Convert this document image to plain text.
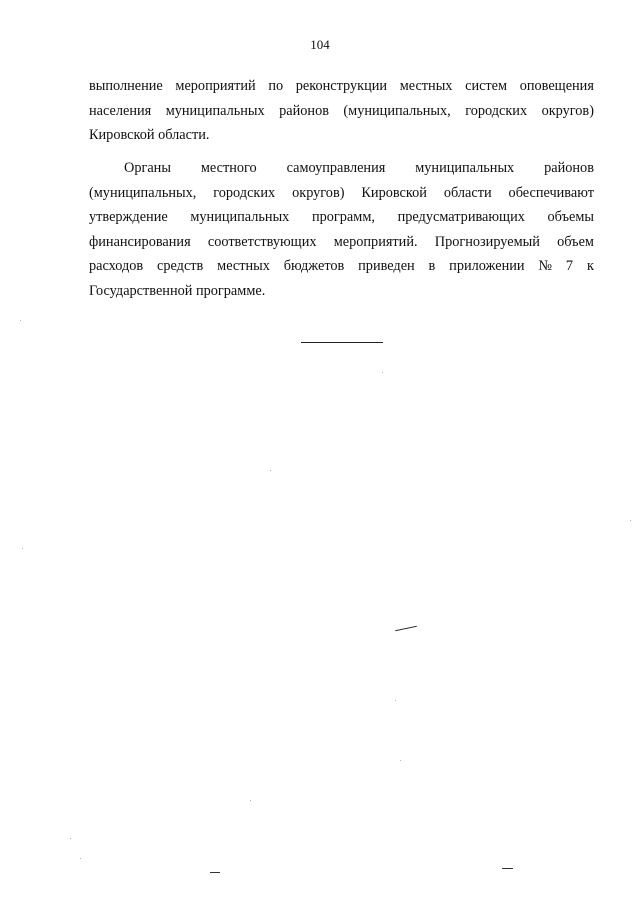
104

выполнение мероприятий по реконструкции местных систем оповещения

населения муниципальных районов (муниципальных, городских округов)

Кировской области.

Органы местного самоуправления муниципальных районов

(муниципальных, городских округов) Кировской области обеспечивают

утверждение муниципальных программ, предусматривающих объемы

финансирования соответствующих мероприятий. Прогнозируемый объем

расходов средств местных бюджетов приведен в приложении № 7 к

Государственной программе.
